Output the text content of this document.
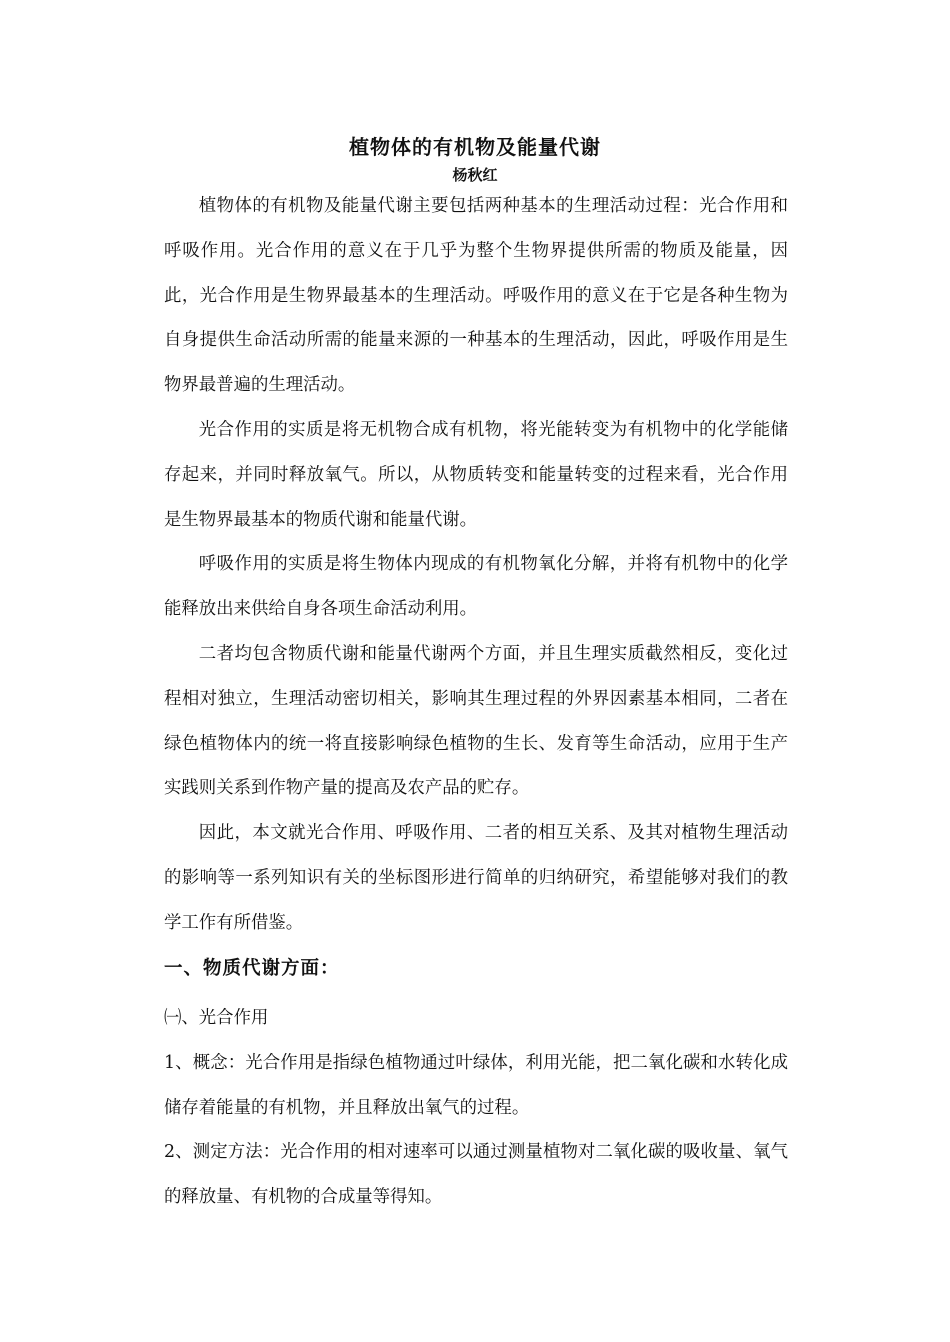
植物体的有机物及能量代谢
杨秋红

植物体的有机物及能量代谢主要包括两种基本的生理活动过程：光合作用和呼吸作用。光合作用的意义在于几乎为整个生物界提供所需的物质及能量，因此，光合作用是生物界最基本的生理活动。呼吸作用的意义在于它是各种生物为自身提供生命活动所需的能量来源的一种基本的生理活动，因此，呼吸作用是生物界最普遍的生理活动。

光合作用的实质是将无机物合成有机物，将光能转变为有机物中的化学能储存起来，并同时释放氧气。所以，从物质转变和能量转变的过程来看，光合作用是生物界最基本的物质代谢和能量代谢。

呼吸作用的实质是将生物体内现成的有机物氧化分解，并将有机物中的化学能释放出来供给自身各项生命活动利用。

二者均包含物质代谢和能量代谢两个方面，并且生理实质截然相反，变化过程相对独立，生理活动密切相关，影响其生理过程的外界因素基本相同，二者在绿色植物体内的统一将直接影响绿色植物的生长、发育等生命活动，应用于生产实践则关系到作物产量的提高及农产品的贮存。

因此，本文就光合作用、呼吸作用、二者的相互关系、及其对植物生理活动的影响等一系列知识有关的坐标图形进行简单的归纳研究，希望能够对我们的教学工作有所借鉴。

一、物质代谢方面：

㈠、光合作用

1、概念：光合作用是指绿色植物通过叶绿体，利用光能，把二氧化碳和水转化成储存着能量的有机物，并且释放出氧气的过程。

2、测定方法：光合作用的相对速率可以通过测量植物对二氧化碳的吸收量、氧气的释放量、有机物的合成量等得知。
